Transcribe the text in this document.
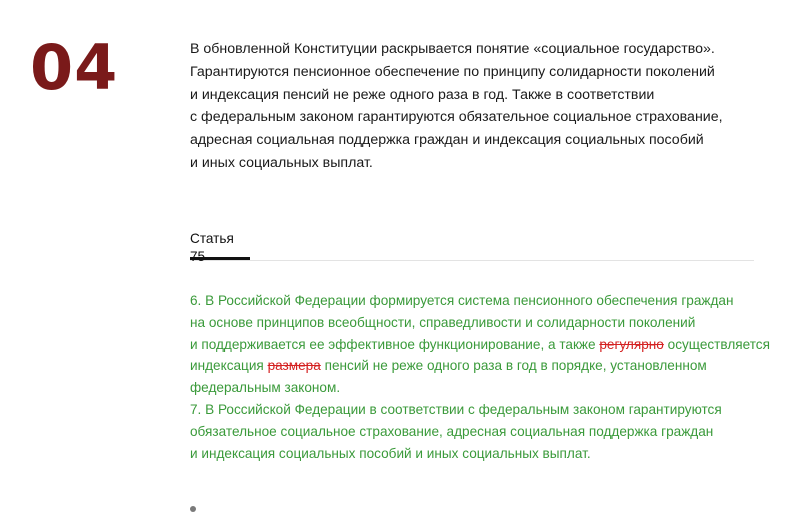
04	В обновленной Конституции раскрывается понятие «социальное государство».
Гарантируются пенсионное обеспечение по принципу солидарности поколений
и индексация пенсий не реже одного раза в год. Также в соответствии
с федеральным законом гарантируются обязательное социальное страхование,
адресная социальная поддержка граждан и индексация социальных пособий
и иных социальных выплат.
Статья
6. В Российской Федерации формируется система пенсионного обеспечения граждан
на основе принципов всеобщности, справедливости и солидарности поколений
и поддерживается ее эффективное функционирование, а также регулярно осуществляется
индексация размера пенсий не реже одного раза в год в порядке, установленном
федеральным законом.
7. В Российской Федерации в соответствии с федеральным законом гарантируются
обязательное социальное страхование, адресная социальная поддержка граждан
и индексация социальных пособий и иных социальных выплат.
